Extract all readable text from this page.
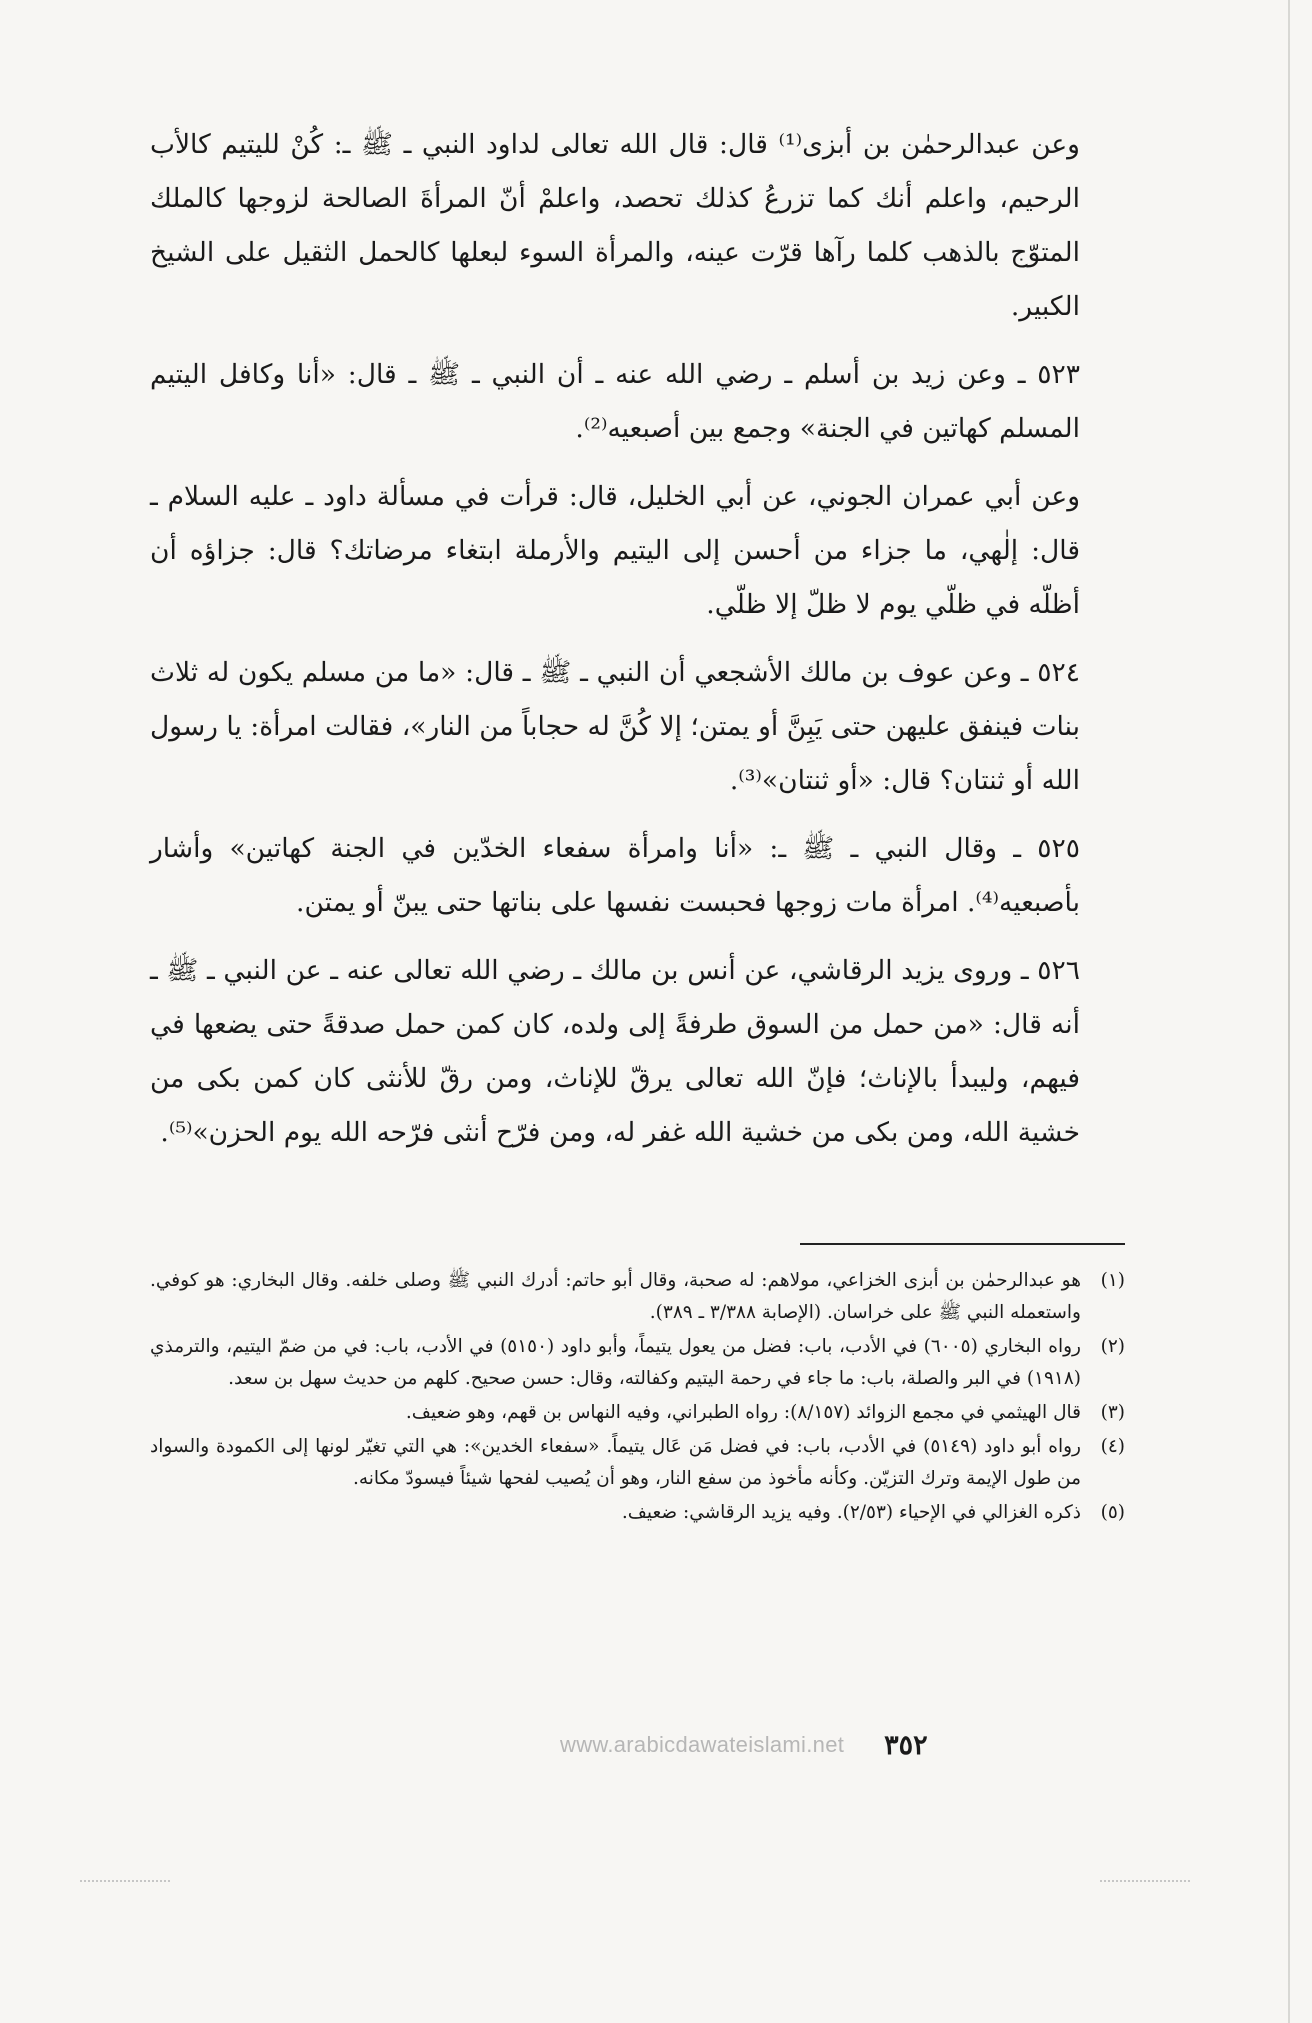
وعن عبدالرحمٰن بن أبزى⁽¹⁾ قال: قال الله تعالى لداود النبي ـ ﷺ ـ: كُنْ لليتيم كالأب الرحيم، واعلم أنك كما تزرعُ كذلك تحصد، واعلمْ أنّ المرأةَ الصالحة لزوجها كالملك المتوّج بالذهب كلما رآها قرّت عينه، والمرأة السوء لبعلها كالحمل الثقيل على الشيخ الكبير.

٥٢٣ ـ وعن زيد بن أسلم ـ رضي الله عنه ـ أن النبي ـ ﷺ ـ قال: «أنا وكافل اليتيم المسلم كهاتين في الجنة» وجمع بين أصبعيه⁽²⁾.

وعن أبي عمران الجوني، عن أبي الخليل، قال: قرأت في مسألة داود ـ عليه السلام ـ قال: إلٰهي، ما جزاء من أحسن إلى اليتيم والأرملة ابتغاء مرضاتك؟ قال: جزاؤه أن أظلّه في ظلّي يوم لا ظلّ إلا ظلّي.

٥٢٤ ـ وعن عوف بن مالك الأشجعي أن النبي ـ ﷺ ـ قال: «ما من مسلم يكون له ثلاث بنات فينفق عليهن حتى يَبِنَّ أو يمتن؛ إلا كُنَّ له حجاباً من النار»، فقالت امرأة: يا رسول الله أو ثنتان؟ قال: «أو ثنتان»⁽³⁾.

٥٢٥ ـ وقال النبي ـ ﷺ ـ: «أنا وامرأة سفعاء الخدّين في الجنة كهاتين» وأشار بأصبعيه⁽⁴⁾. امرأة مات زوجها فحبست نفسها على بناتها حتى يبنّ أو يمتن.

٥٢٦ ـ وروى يزيد الرقاشي، عن أنس بن مالك ـ رضي الله تعالى عنه ـ عن النبي ـ ﷺ ـ أنه قال: «من حمل من السوق طرفةً إلى ولده، كان كمن حمل صدقةً حتى يضعها في فيهم، وليبدأ بالإناث؛ فإنّ الله تعالى يرقّ للإناث، ومن رقّ للأنثى كان كمن بكى من خشية الله، ومن بكى من خشية الله غفر له، ومن فرّح أنثى فرّحه الله يوم الحزن»⁽⁵⁾.

(١)
هو عبدالرحمٰن بن أبزى الخزاعي، مولاهم: له صحبة، وقال أبو حاتم: أدرك النبي ﷺ وصلى خلفه. وقال البخاري: هو كوفي. واستعمله النبي ﷺ على خراسان. (الإصابة ٣/٣٨٨ ـ ٣٨٩).
(٢)
رواه البخاري (٦٠٠٥) في الأدب، باب: فضل من يعول يتيماً، وأبو داود (٥١٥٠) في الأدب، باب: في من ضمّ اليتيم، والترمذي (١٩١٨) في البر والصلة، باب: ما جاء في رحمة اليتيم وكفالته، وقال: حسن صحيح. كلهم من حديث سهل بن سعد.
(٣)
قال الهيثمي في مجمع الزوائد (٨/١٥٧): رواه الطبراني، وفيه النهاس بن قهم، وهو ضعيف.
(٤)
رواه أبو داود (٥١٤٩) في الأدب، باب: في فضل مَن عَال يتيماً. «سفعاء الخدين»: هي التي تغيّر لونها إلى الكمودة والسواد من طول الإيمة وترك التزيّن. وكأنه مأخوذ من سفع النار، وهو أن يُصيب لفحها شيئاً فيسودّ مكانه.
(٥)
ذكره الغزالي في الإحياء (٢/٥٣). وفيه يزيد الرقاشي: ضعيف.
www.arabicdawateislami.net ٣٥٢
